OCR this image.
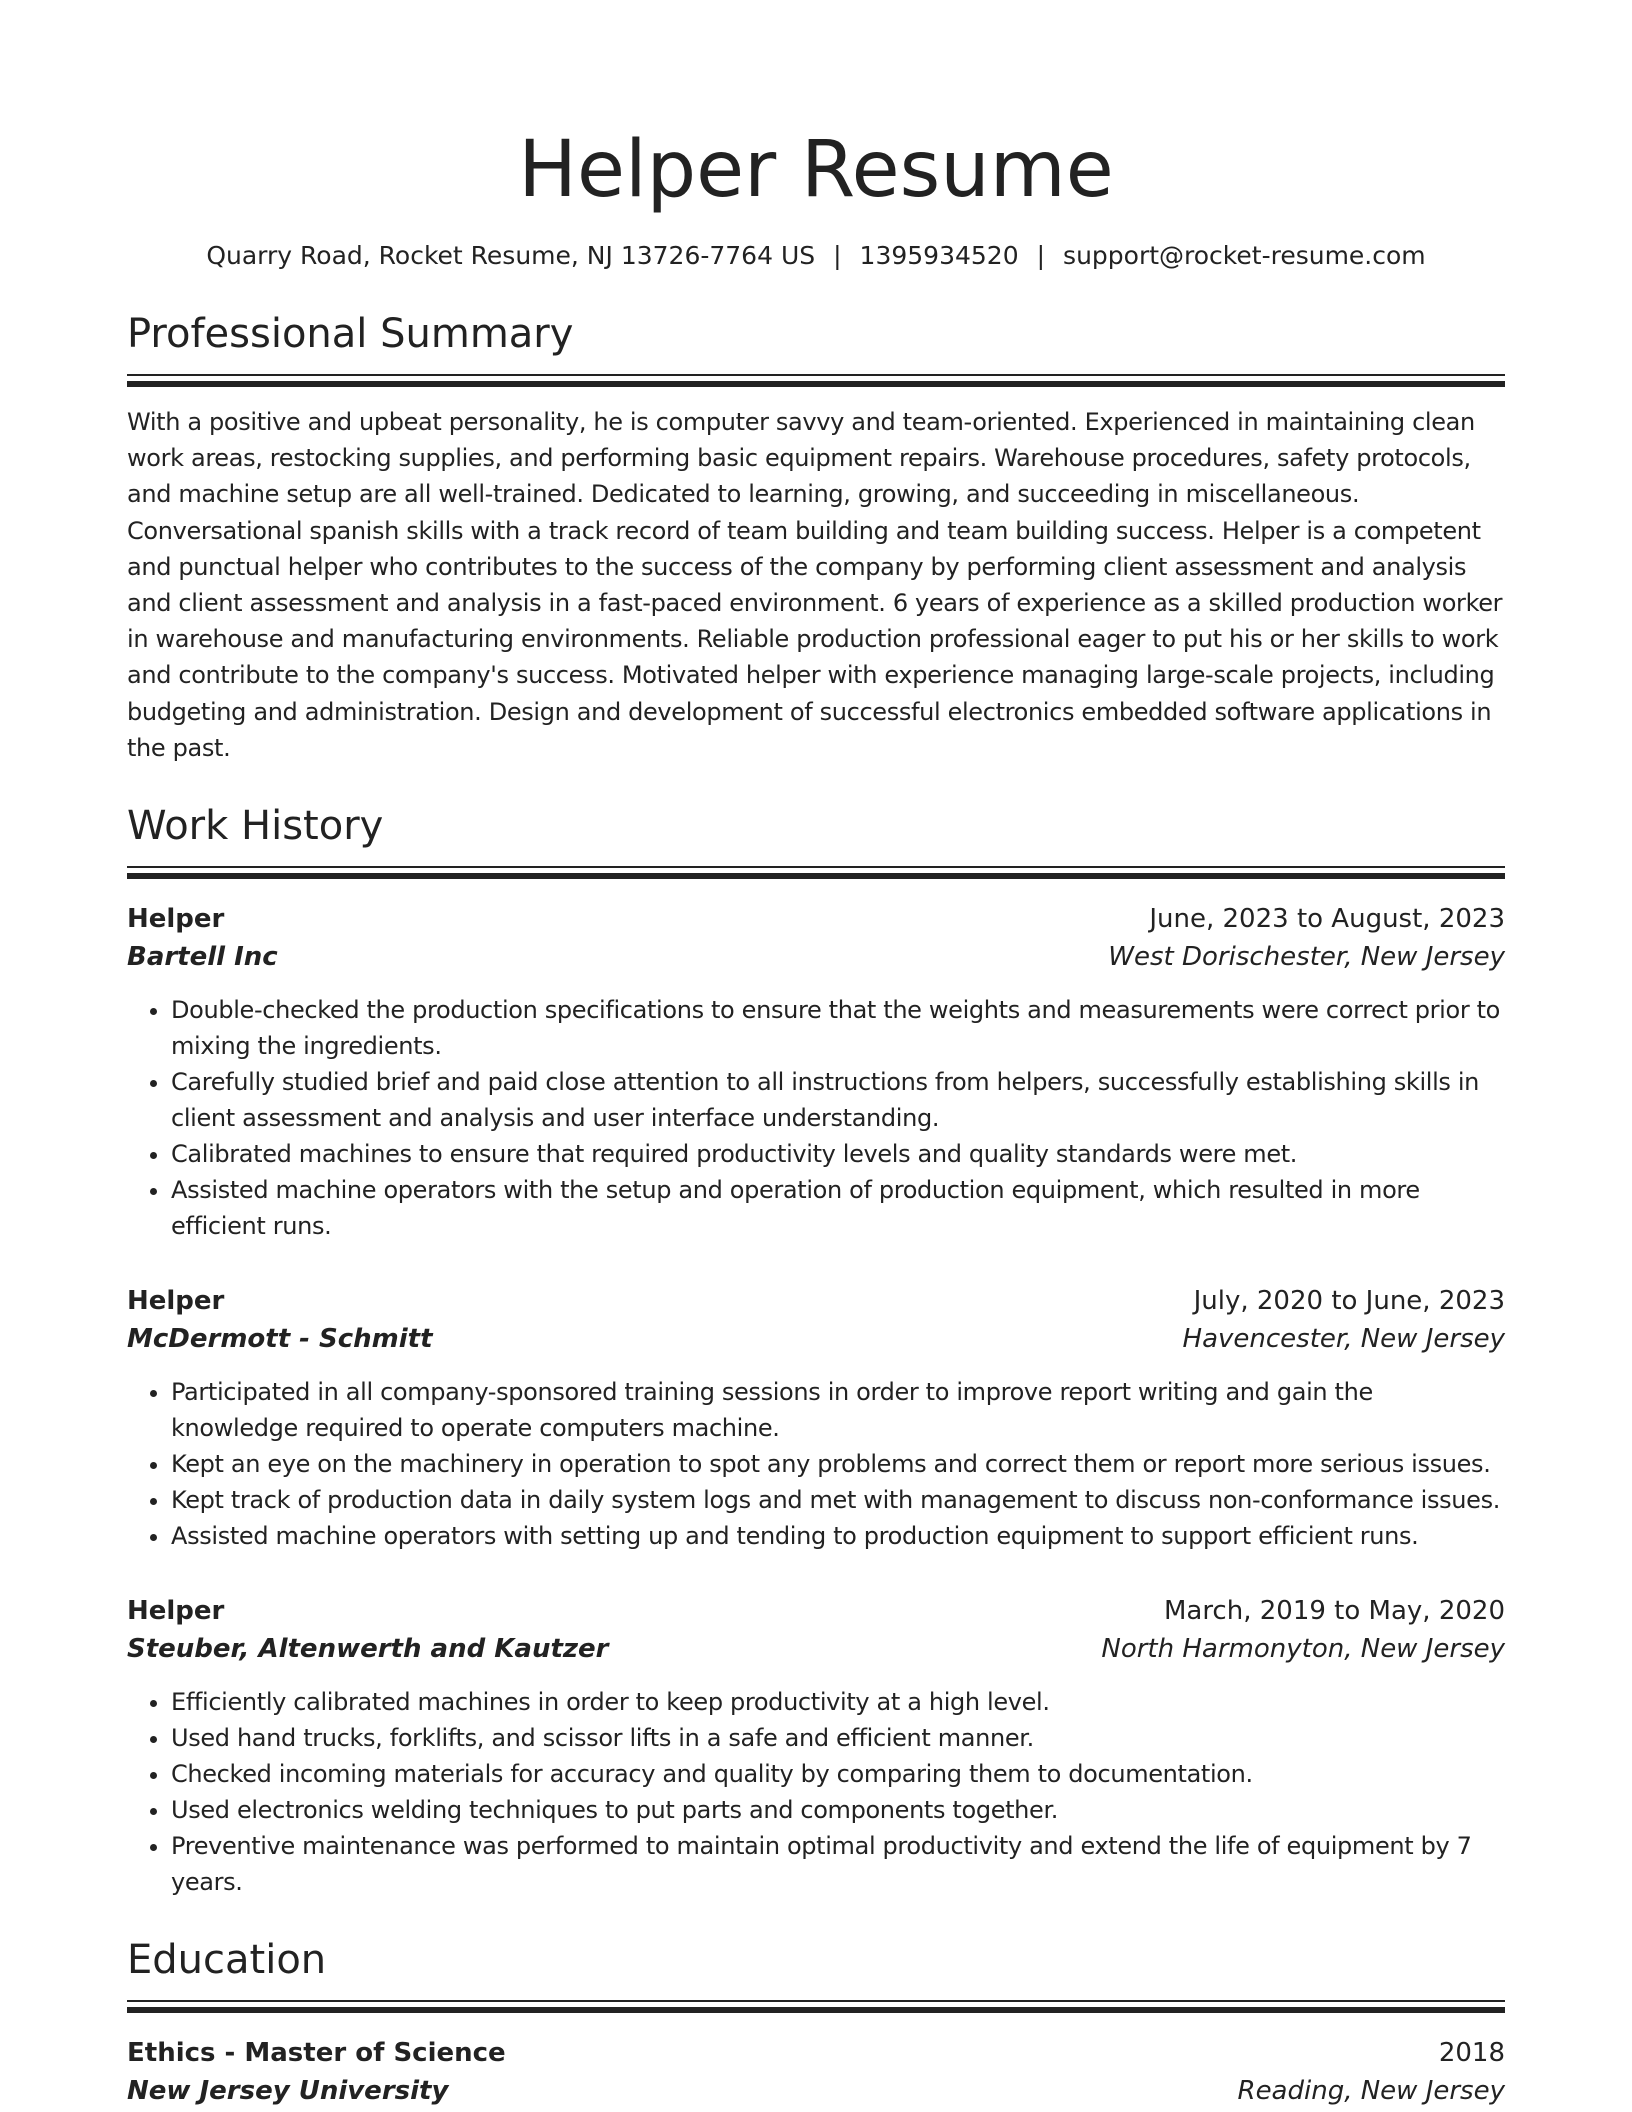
Helper Resume
Quarry Road, Rocket Resume, NJ 13726-7764 US | 1395934520 | support@rocket-resume.com
Professional Summary
With a positive and upbeat personality, he is computer savvy and team-oriented. Experienced in maintaining clean work areas, restocking supplies, and performing basic equipment repairs. Warehouse procedures, safety protocols, and machine setup are all well-trained. Dedicated to learning, growing, and succeeding in miscellaneous. Conversational spanish skills with a track record of team building and team building success. Helper is a competent and punctual helper who contributes to the success of the company by performing client assessment and analysis and client assessment and analysis in a fast-paced environment. 6 years of experience as a skilled production worker in warehouse and manufacturing environments. Reliable production professional eager to put his or her skills to work and contribute to the company's success. Motivated helper with experience managing large-scale projects, including budgeting and administration. Design and development of successful electronics embedded software applications in the past.
Work History
Helper	June, 2023 to August, 2023
Bartell Inc	West Dorischester, New Jersey
• Double-checked the production specifications to ensure that the weights and measurements were correct prior to mixing the ingredients.
• Carefully studied brief and paid close attention to all instructions from helpers, successfully establishing skills in client assessment and analysis and user interface understanding.
• Calibrated machines to ensure that required productivity levels and quality standards were met.
• Assisted machine operators with the setup and operation of production equipment, which resulted in more efficient runs.
Helper	July, 2020 to June, 2023
McDermott - Schmitt	Havencester, New Jersey
• Participated in all company-sponsored training sessions in order to improve report writing and gain the knowledge required to operate computers machine.
• Kept an eye on the machinery in operation to spot any problems and correct them or report more serious issues.
• Kept track of production data in daily system logs and met with management to discuss non-conformance issues.
• Assisted machine operators with setting up and tending to production equipment to support efficient runs.
Helper	March, 2019 to May, 2020
Steuber, Altenwerth and Kautzer	North Harmonyton, New Jersey
• Efficiently calibrated machines in order to keep productivity at a high level.
• Used hand trucks, forklifts, and scissor lifts in a safe and efficient manner.
• Checked incoming materials for accuracy and quality by comparing them to documentation.
• Used electronics welding techniques to put parts and components together.
• Preventive maintenance was performed to maintain optimal productivity and extend the life of equipment by 7 years.
Education
Ethics - Master of Science	2018
New Jersey University	Reading, New Jersey
